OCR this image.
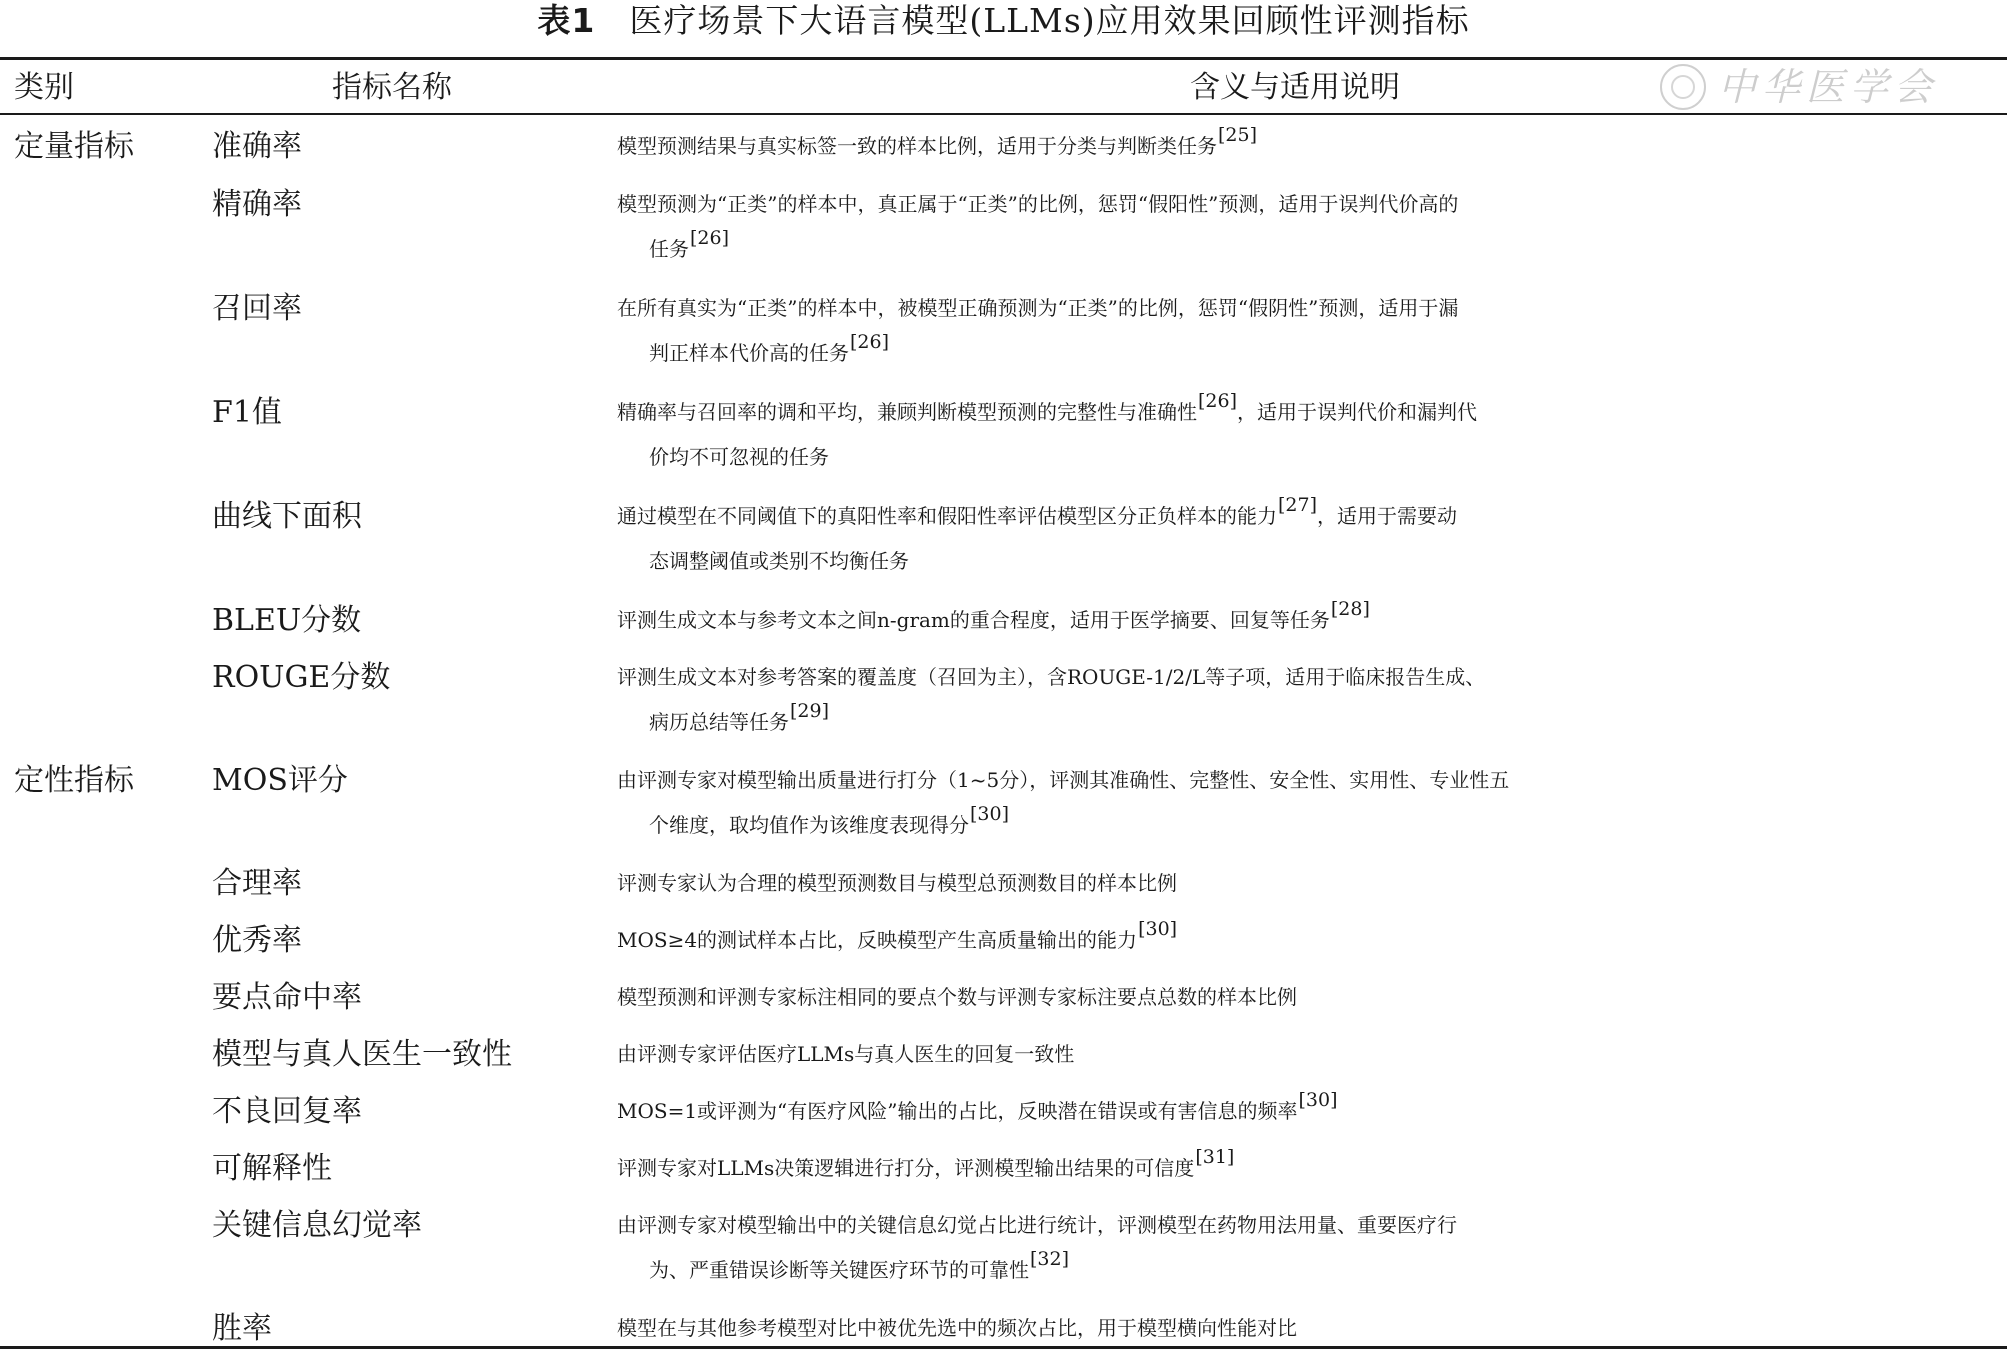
表1 医疗场景下大语言模型(LLMs)应用效果回顾性评测指标
类别	指标名称	含义与适用说明	中华医学会
定量指标	准确率	模型预测结果与真实标签一致的样本比例，适用于分类与判断类任务[25]
精确率	模型预测为“正类”的样本中，真正属于“正类”的比例，惩罚“假阳性”预测，适用于误判代价高的
任务[26]
召回率	在所有真实为“正类”的样本中，被模型正确预测为“正类”的比例，惩罚“假阴性”预测，适用于漏
判正样本代价高的任务[26]
F1值	精确率与召回率的调和平均，兼顾判断模型预测的完整性与准确性[26]，适用于误判代价和漏判代
价均不可忽视的任务
曲线下面积	通过模型在不同阈值下的真阳性率和假阳性率评估模型区分正负样本的能力[27]，适用于需要动
态调整阈值或类别不均衡任务
BLEU分数	评测生成文本与参考文本之间n-gram的重合程度，适用于医学摘要、回复等任务[28]
ROUGE分数	评测生成文本对参考答案的覆盖度（召回为主），含ROUGE-1/2/L等子项，适用于临床报告生成、
病历总结等任务[29]
定性指标	MOS评分	由评测专家对模型输出质量进行打分（1~5分），评测其准确性、完整性、安全性、实用性、专业性五
个维度，取均值作为该维度表现得分[30]
合理率	评测专家认为合理的模型预测数目与模型总预测数目的样本比例
优秀率	MOS≥4的测试样本占比，反映模型产生高质量输出的能力[30]
要点命中率	模型预测和评测专家标注相同的要点个数与评测专家标注要点总数的样本比例
模型与真人医生一致性	由评测专家评估医疗LLMs与真人医生的回复一致性
不良回复率	MOS=1或评测为“有医疗风险”输出的占比，反映潜在错误或有害信息的频率[30]
可解释性	评测专家对LLMs决策逻辑进行打分，评测模型输出结果的可信度[31]
关键信息幻觉率	由评测专家对模型输出中的关键信息幻觉占比进行统计，评测模型在药物用法用量、重要医疗行
为、严重错误诊断等关键医疗环节的可靠性[32]
胜率	模型在与其他参考模型对比中被优先选中的频次占比，用于模型横向性能对比
